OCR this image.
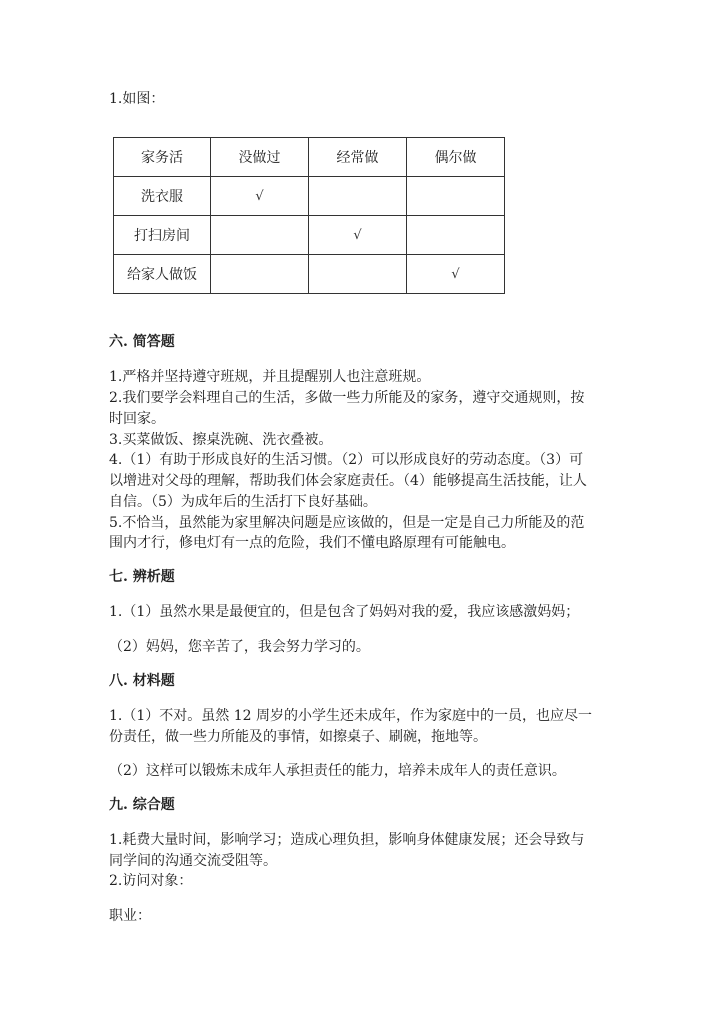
1.如图：
家务活	没做过	经常做	偶尔做
洗衣服	√		
打扫房间		√	
给家人做饭			√
六. 简答题
1.严格并坚持遵守班规，并且提醒别人也注意班规。
2.我们要学会料理自己的生活，多做一些力所能及的家务，遵守交通规则，按
时回家。
3.买菜做饭、擦桌洗碗、洗衣叠被。
4.（1）有助于形成良好的生活习惯。（2）可以形成良好的劳动态度。（3）可
以增进对父母的理解，帮助我们体会家庭责任。（4）能够提高生活技能，让人
自信。（5）为成年后的生活打下良好基础。
5.不恰当，虽然能为家里解决问题是应该做的，但是一定是自己力所能及的范
围内才行，修电灯有一点的危险，我们不懂电路原理有可能触电。
七. 辨析题
1.（1）虽然水果是最便宜的，但是包含了妈妈对我的爱，我应该感激妈妈；
（2）妈妈，您辛苦了，我会努力学习的。
八. 材料题
1.（1）不对。虽然 12 周岁的小学生还未成年，作为家庭中的一员，也应尽一
份责任，做一些力所能及的事情，如擦桌子、刷碗，拖地等。
（2）这样可以锻炼未成年人承担责任的能力，培养未成年人的责任意识。
九. 综合题
1.耗费大量时间，影响学习；造成心理负担，影响身体健康发展；还会导致与
同学间的沟通交流受阻等。
2.访问对象：
职业：
